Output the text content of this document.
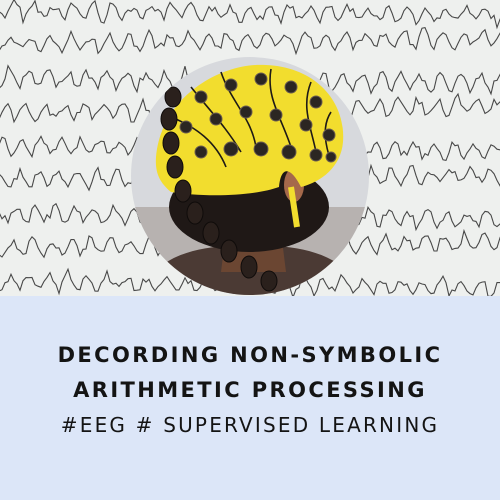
DECORDING NON-SYMBOLIC
ARITHMETIC PROCESSING
#EEG # SUPERVISED LEARNING
